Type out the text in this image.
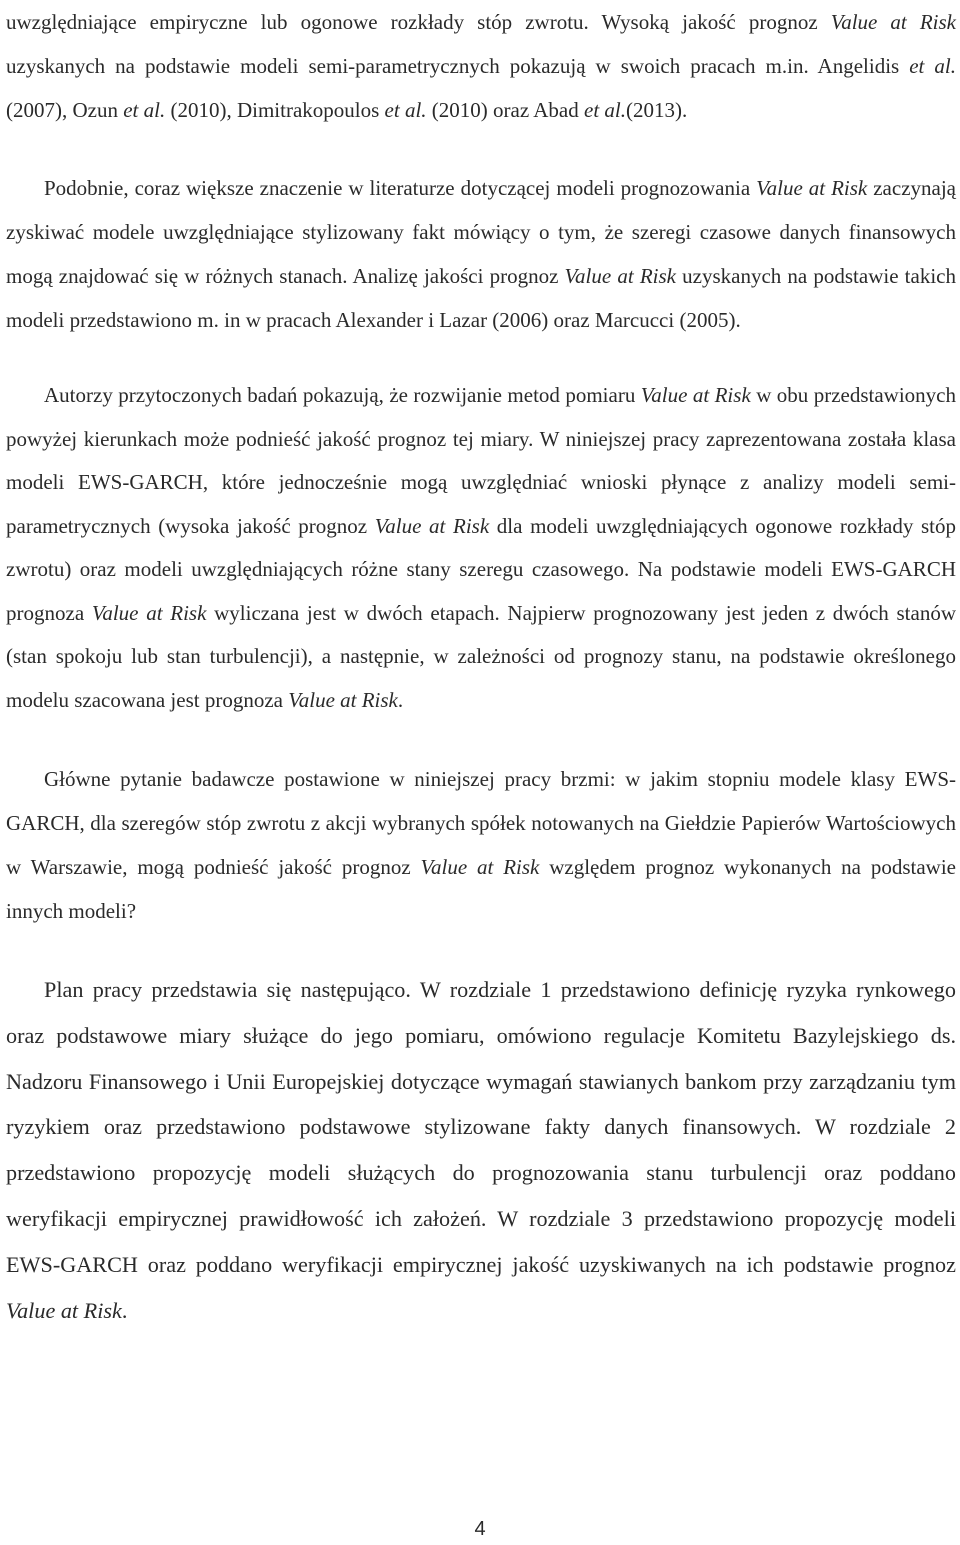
uwzględniające empiryczne lub ogonowe rozkłady stóp zwrotu. Wysoką jakość prognoz Value at Risk uzyskanych na podstawie modeli semi-parametrycznych pokazują w swoich pracach m.in. Angelidis et al. (2007), Ozun et al. (2010), Dimitrakopoulos et al. (2010) oraz Abad et al.(2013).

Podobnie, coraz większe znaczenie w literaturze dotyczącej modeli prognozowania Value at Risk zaczynają zyskiwać modele uwzględniające stylizowany fakt mówiący o tym, że szeregi czasowe danych finansowych mogą znajdować się w różnych stanach. Analizę jakości prognoz Value at Risk uzyskanych na podstawie takich modeli przedstawiono m. in w pracach Alexander i Lazar (2006) oraz Marcucci (2005).

Autorzy przytoczonych badań pokazują, że rozwijanie metod pomiaru Value at Risk w obu przedstawionych powyżej kierunkach może podnieść jakość prognoz tej miary. W niniejszej pracy zaprezentowana została klasa modeli EWS-GARCH, które jednocześnie mogą uwzględniać wnioski płynące z analizy modeli semi-parametrycznych (wysoka jakość prognoz Value at Risk dla modeli uwzględniających ogonowe rozkłady stóp zwrotu) oraz modeli uwzględniających różne stany szeregu czasowego. Na podstawie modeli EWS-GARCH prognoza Value at Risk wyliczana jest w dwóch etapach. Najpierw prognozowany jest jeden z dwóch stanów (stan spokoju lub stan turbulencji), a następnie, w zależności od prognozy stanu, na podstawie określonego modelu szacowana jest prognoza Value at Risk.

Główne pytanie badawcze postawione w niniejszej pracy brzmi: w jakim stopniu modele klasy EWS-GARCH, dla szeregów stóp zwrotu z akcji wybranych spółek notowanych na Giełdzie Papierów Wartościowych w Warszawie, mogą podnieść jakość prognoz Value at Risk względem prognoz wykonanych na podstawie innych modeli?

Plan pracy przedstawia się następująco. W rozdziale 1 przedstawiono definicję ryzyka rynkowego oraz podstawowe miary służące do jego pomiaru, omówiono regulacje Komitetu Bazylejskiego ds. Nadzoru Finansowego i Unii Europejskiej dotyczące wymagań stawianych bankom przy zarządzaniu tym ryzykiem oraz przedstawiono podstawowe stylizowane fakty danych finansowych. W rozdziale 2 przedstawiono propozycję modeli służących do prognozowania stanu turbulencji oraz poddano weryfikacji empirycznej prawidłowość ich założeń. W rozdziale 3 przedstawiono propozycję modeli EWS-GARCH oraz poddano weryfikacji empirycznej jakość uzyskiwanych na ich podstawie prognoz Value at Risk.

4
